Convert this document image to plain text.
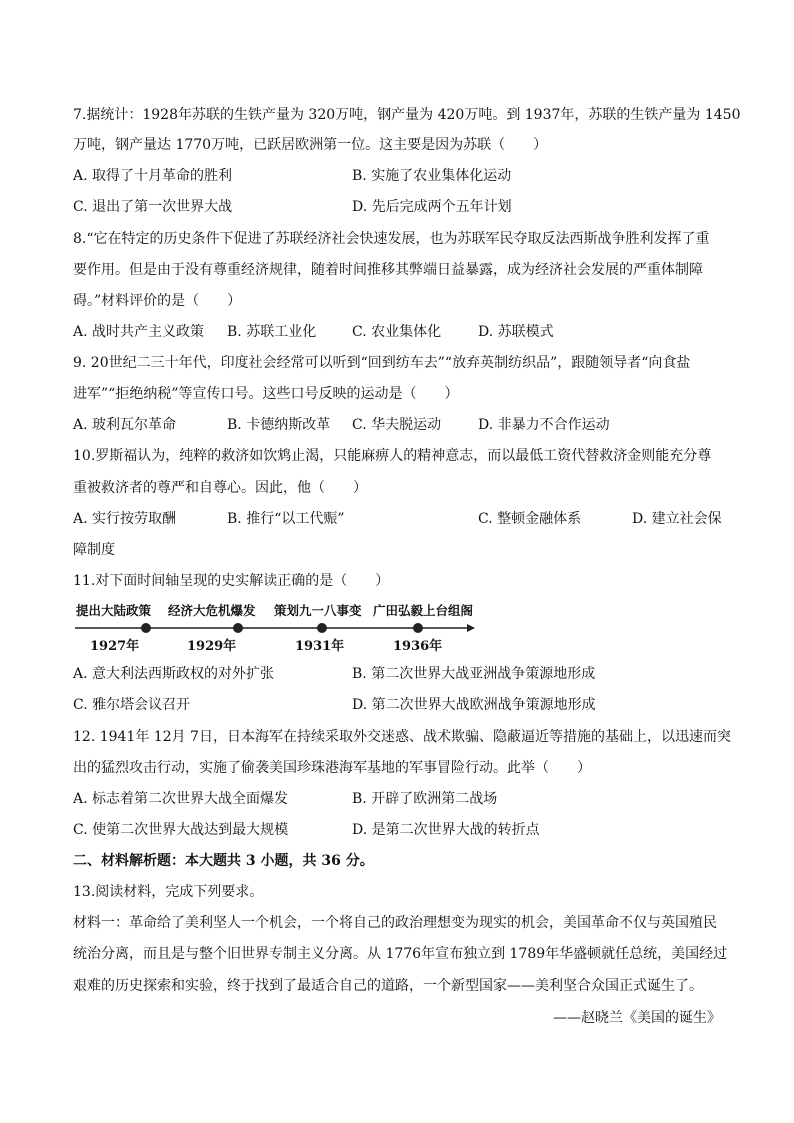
7.据统计：1928年苏联的生铁产量为 320万吨，钢产量为 420万吨。到 1937年，苏联的生铁产量为 1450
万吨，钢产量达 1770万吨，已跃居欧洲第一位。这主要是因为苏联（　　）
A. 取得了十月革命的胜利	B. 实施了农业集体化运动
C. 退出了第一次世界大战	D. 先后完成两个五年计划
8.“它在特定的历史条件下促进了苏联经济社会快速发展，也为苏联军民夺取反法西斯战争胜利发挥了重
要作用。但是由于没有尊重经济规律，随着时间推移其弊端日益暴露，成为经济社会发展的严重体制障
碍。”材料评价的是（　　）
A. 战时共产主义政策 B. 苏联工业化	C. 农业集体化	D. 苏联模式
9. 20世纪二三十年代，印度社会经常可以听到“回到纺车去”“放弃英制纺织品”，跟随领导者“向食盐
进军”“拒绝纳税”等宣传口号。这些口号反映的运动是（　　）
A. 玻利瓦尔革命	B. 卡德纳斯改革 C. 华夫脱运动	D. 非暴力不合作运动
10.罗斯福认为，纯粹的救济如饮鸩止渴，只能麻痹人的精神意志，而以最低工资代替救济金则能充分尊
重被救济者的尊严和自尊心。因此，他（　　）
A. 实行按劳取酬	B. 推行“以工代赈”	C. 整顿金融体系	D. 建立社会保
障制度
11.对下面时间轴呈现的史实解读正确的是（　　）
提出大陆政策 经济大危机爆发 策划九一八事变 广田弘毅上台组阁
1927年	1929年	1931年	1936年
A. 意大利法西斯政权的对外扩张	B. 第二次世界大战亚洲战争策源地形成
C. 雅尔塔会议召开	D. 第二次世界大战欧洲战争策源地形成
12. 1941年 12月 7日，日本海军在持续采取外交迷惑、战术欺骗、隐蔽逼近等措施的基础上，以迅速而突
出的猛烈攻击行动，实施了偷袭美国珍珠港海军基地的军事冒险行动。此举（　　）
A. 标志着第二次世界大战全面爆发	B. 开辟了欧洲第二战场
C. 使第二次世界大战达到最大规模	D. 是第二次世界大战的转折点
二、材料解析题：本大题共 3 小题，共 36 分。
13.阅读材料，完成下列要求。
材料一：革命给了美利坚人一个机会，一个将自己的政治理想变为现实的机会，美国革命不仅与英国殖民
统治分离，而且是与整个旧世界专制主义分离。从 1776年宣布独立到 1789年华盛顿就任总统，美国经过
艰难的历史探索和实验，终于找到了最适合自己的道路，一个新型国家——美利坚合众国正式诞生了。
——赵晓兰《美国的诞生》
